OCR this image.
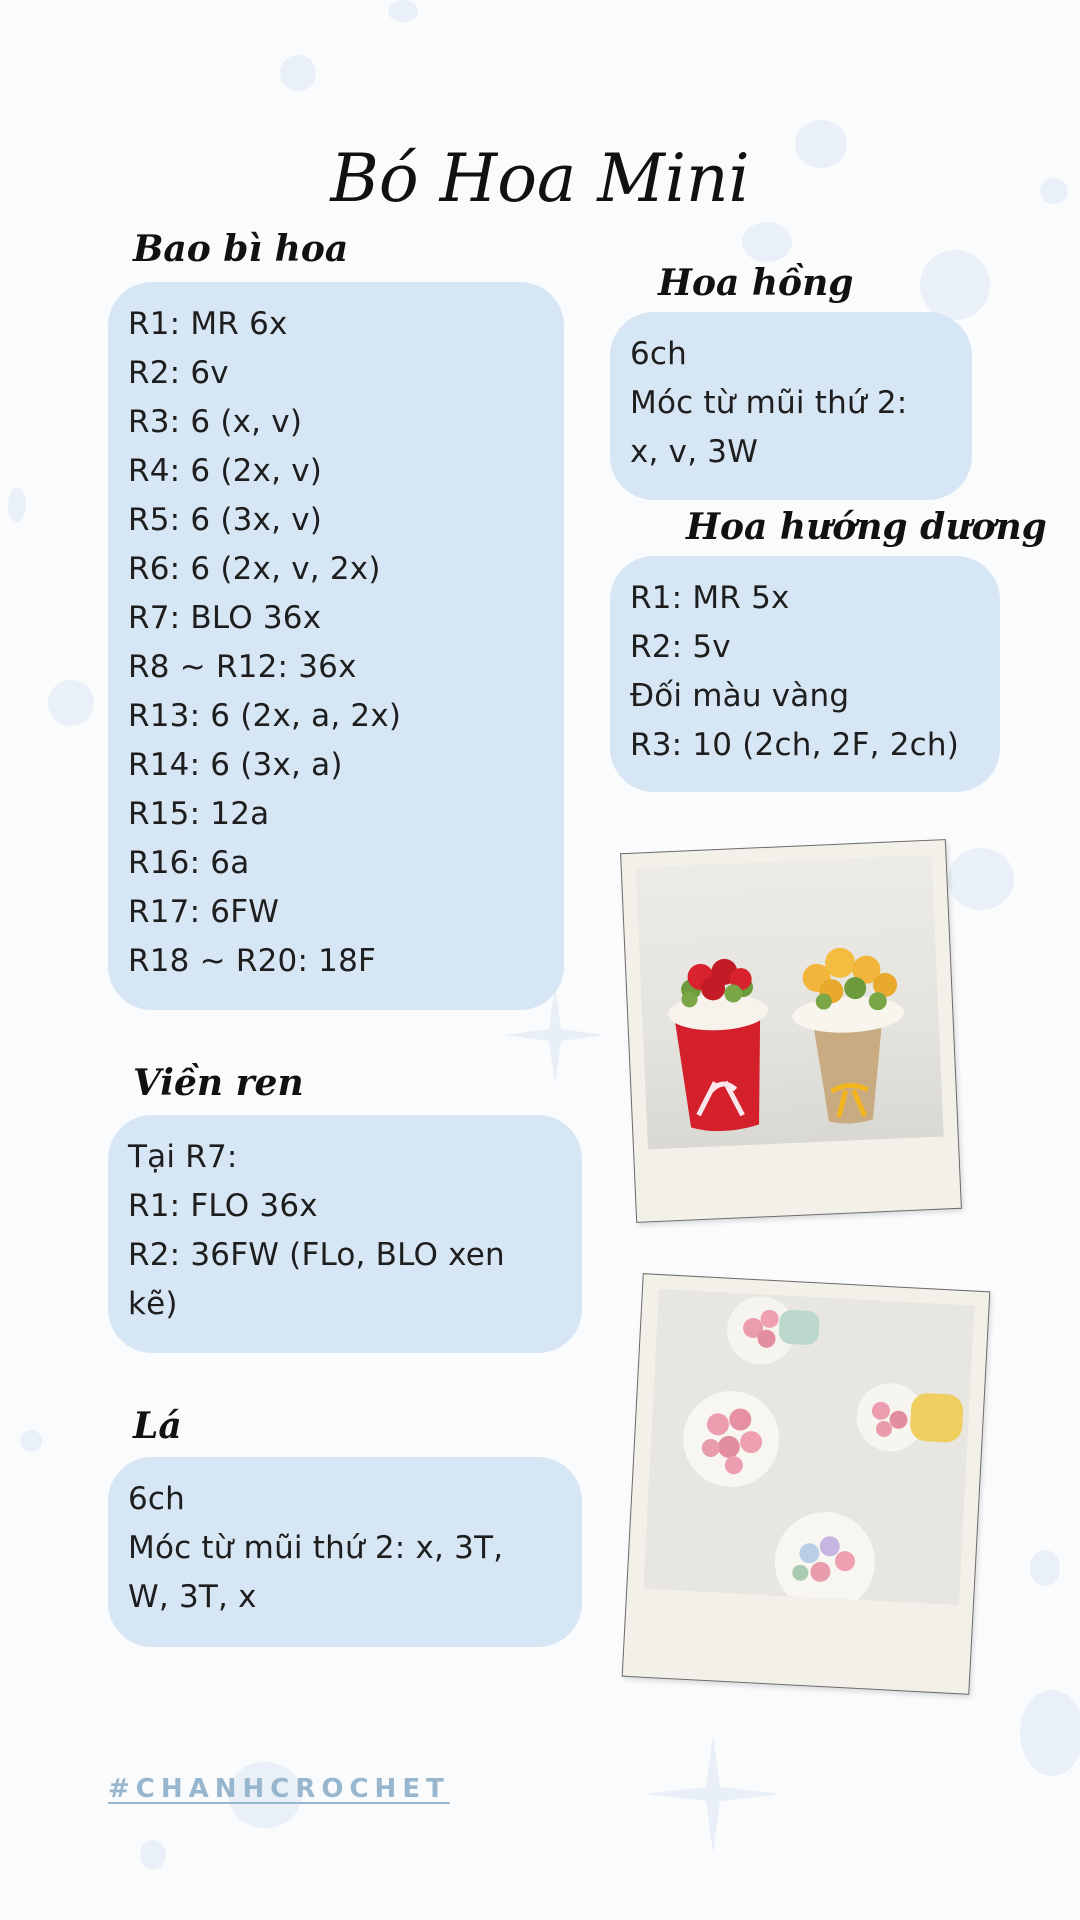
Bó Hoa Mini
Bao bì hoa
R1: MR 6x
R2: 6v
R3: 6 (x, v)
R4: 6 (2x, v)
R5: 6 (3x, v)
R6: 6 (2x, v, 2x)
R7: BLO 36x
R8 ~ R12: 36x
R13: 6 (2x, a, 2x)
R14: 6 (3x, a)
R15: 12a
R16: 6a
R17: 6FW
R18 ~ R20: 18F
Hoa hồng
6ch
Móc từ mũi thứ 2:
x, v, 3W
Hoa hướng dương
R1: MR 5x
R2: 5v
Đối màu vàng
R3: 10 (2ch, 2F, 2ch)
Viền ren
Tại R7:
R1: FLO 36x
R2: 36FW (FLo, BLO xen
kẽ)
Lá
6ch
Móc từ mũi thứ 2: x, 3T,
W, 3T, x
#CHANHCROCHET
